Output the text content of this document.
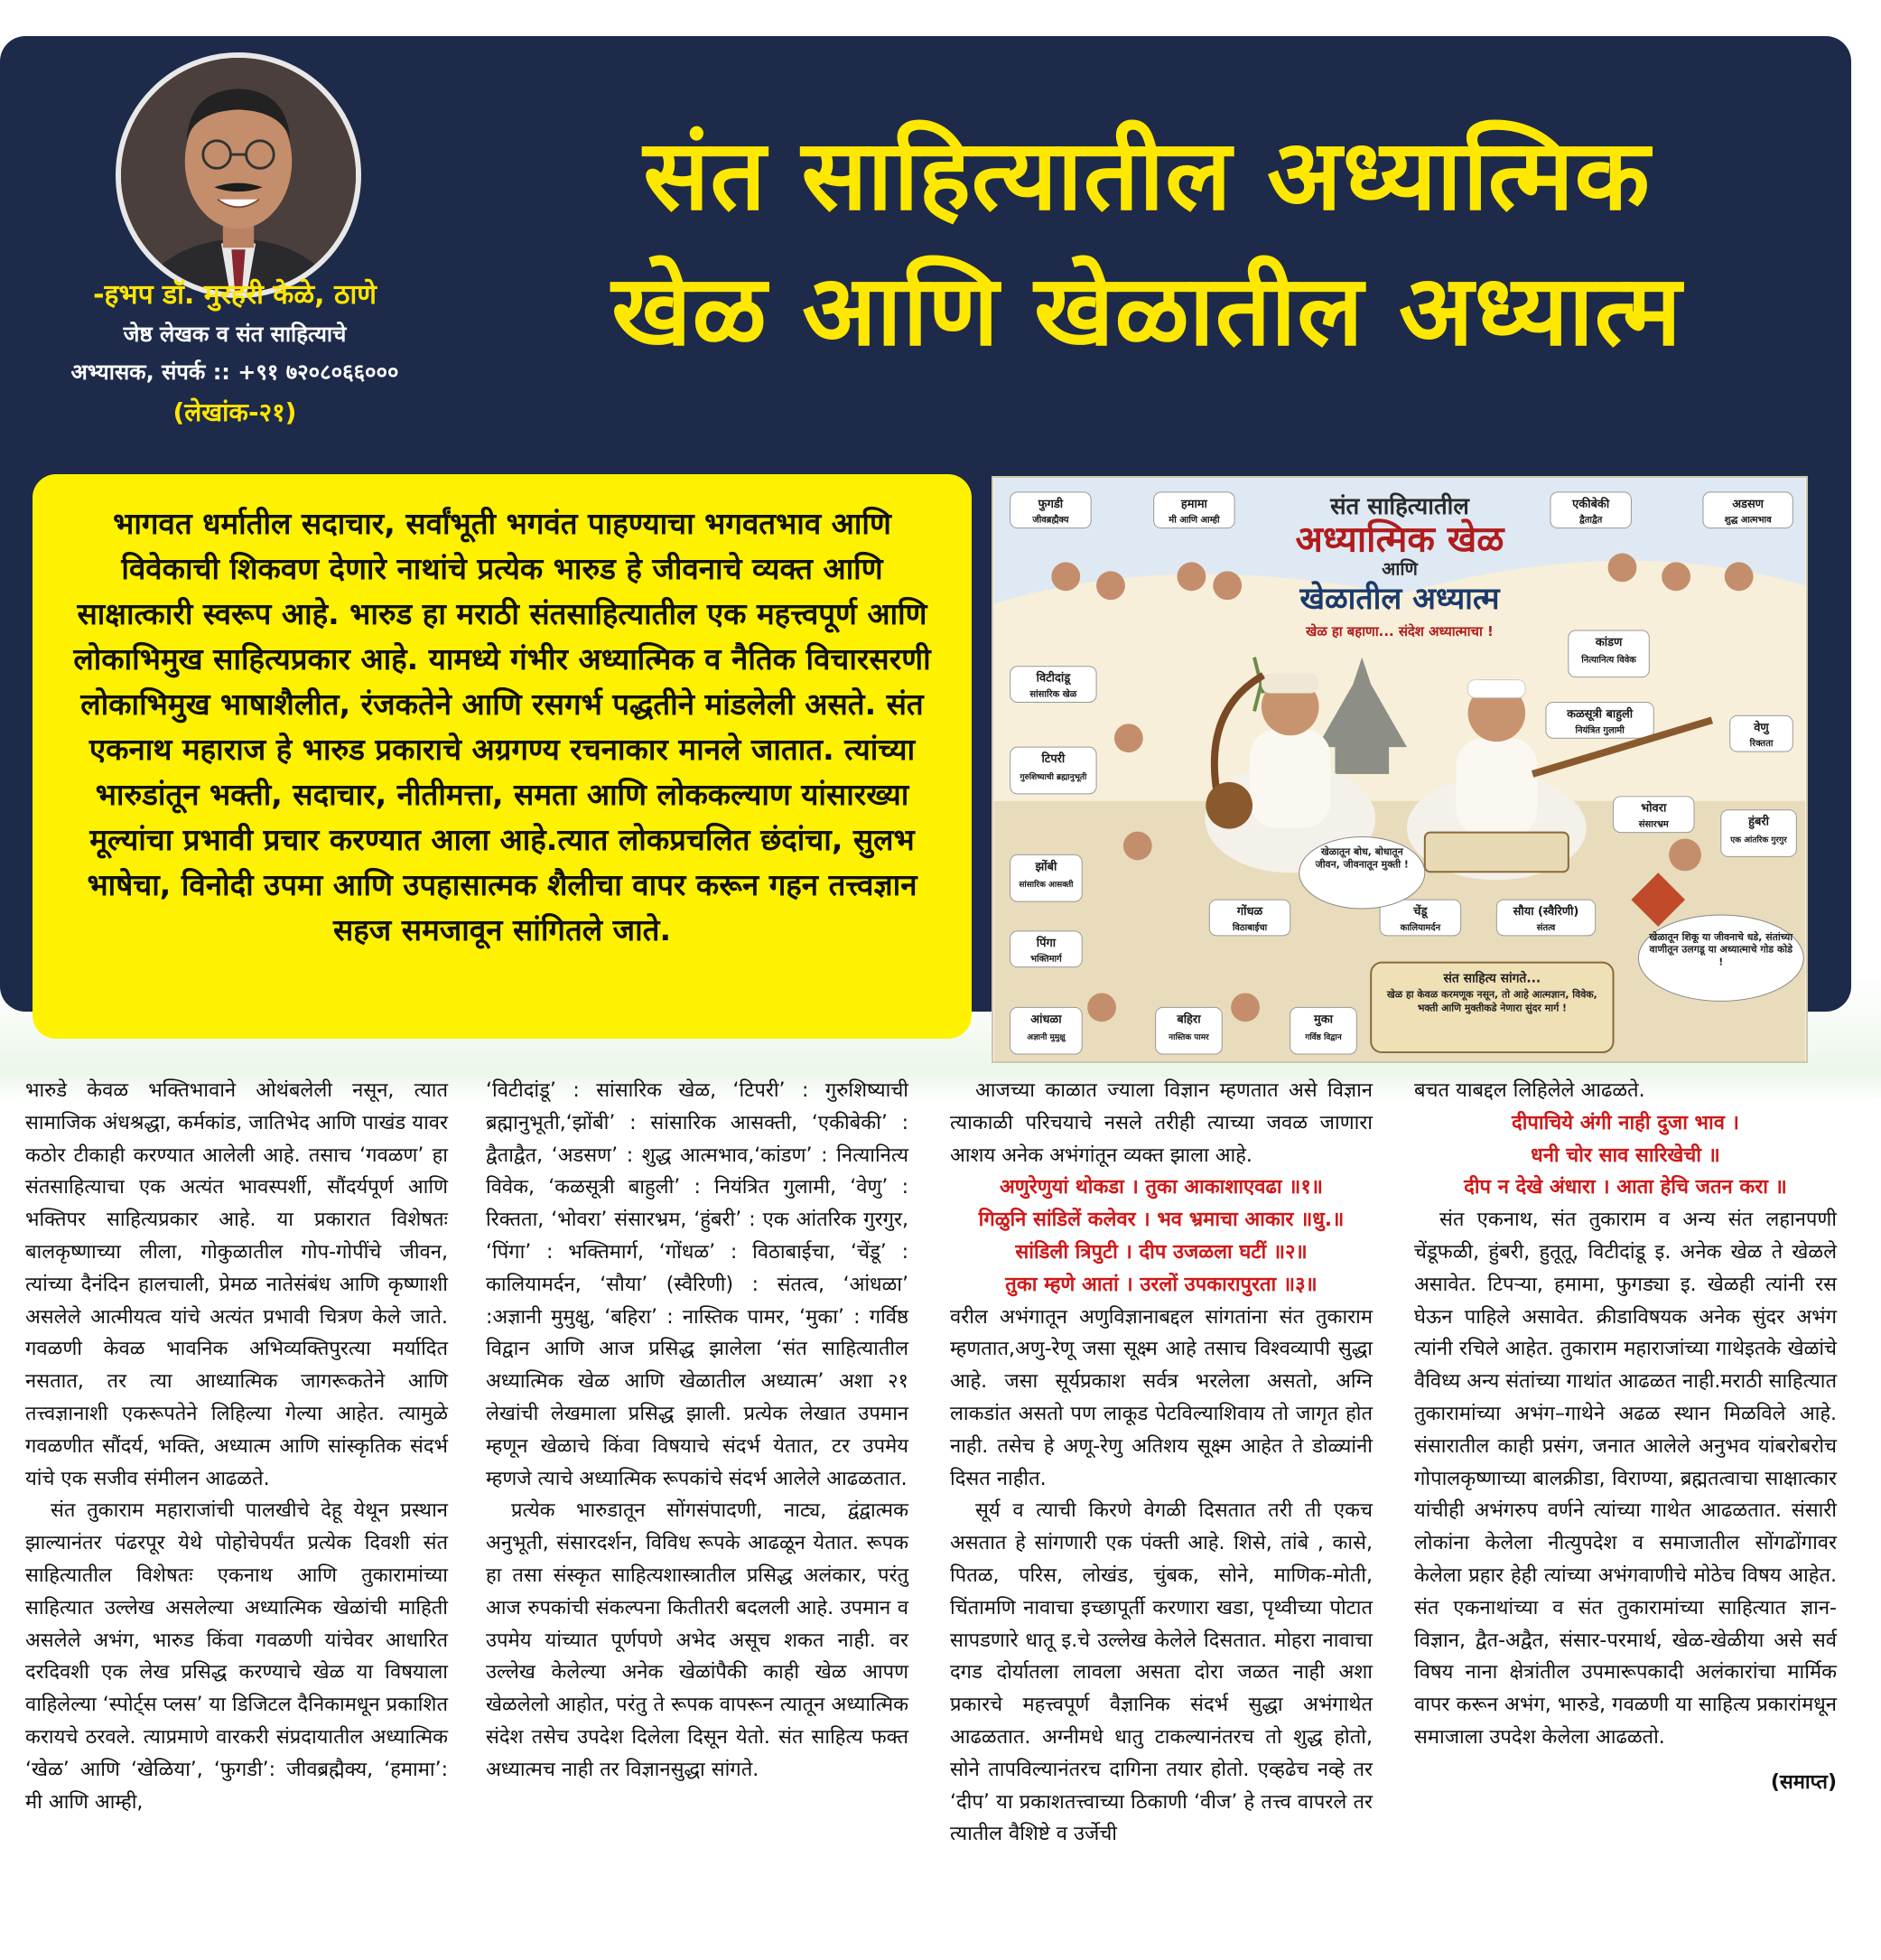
-हभप डॉ. मुरहरी केळे, ठाणे
जेष्ठ लेखक व संत साहित्याचे
अभ्यासक, संपर्क :: +९१ ७२०८०६६०००
(लेखांक-२१)
संत साहित्यातील अध्यात्मिक
खेळ आणि खेळातील अध्यात्म
भागवत धर्मातील सदाचार, सर्वांभूती भगवंत पाहण्याचा भगवतभाव आणि विवेकाची शिकवण देणारे नाथांचे प्रत्येक भारुड हे जीवनाचे व्यक्त आणि साक्षात्कारी स्वरूप आहे. भारुड हा मराठी संतसाहित्यातील एक महत्त्वपूर्ण आणि लोकाभिमुख साहित्यप्रकार आहे. यामध्ये गंभीर अध्यात्मिक व नैतिक विचारसरणी लोकाभिमुख भाषाशैलीत, रंजकतेने आणि रसगर्भ पद्धतीने मांडलेली असते. संत एकनाथ महाराज हे भारुड प्रकाराचे अग्रगण्य रचनाकार मानले जातात. त्यांच्या भारुडांतून भक्ती, सदाचार, नीतीमत्ता, समता आणि लोककल्याण यांसारख्या मूल्यांचा प्रभावी प्रचार करण्यात आला आहे.त्यात लोकप्रचलित छंदांचा, सुलभ भाषेचा, विनोदी उपमा आणि उपहासात्मक शैलीचा वापर करून गहन तत्त्वज्ञान सहज समजावून सांगितले जाते.
संत साहित्यातील
अध्यात्मिक खेळ
आणि
खेळातील अध्यात्म
खेळ हा बहाणा... संदेश अध्यात्माचा !
फुगडी
जीवब्रह्मैक्य
हमामा
मी आणि आम्ही
एकीबेकी
द्वैताद्वैत
अडसण
शुद्ध आत्मभाव
विटीदांडू
सांसारिक खेळ
कांडण
नित्यानित्य विवेक
टिपरी
गुरुशिष्याची ब्रह्मानुभूती
कळसूत्री बाहुली
नियंत्रित गुलामी	वेणु
रिक्तता
झोंबी
सांसारिक आसक्ती
भोवरा
संसारभ्रम	हुंबरी
एक आंतरिक गुरगुर
पिंगा
भक्तिमार्ग
गोंधळ
विठाबाईचा
चेंडू
कालियामर्दन
सौया (स्वैरिणी)
संतत्व
आंधळा
अज्ञानी मुमुक्षु
बहिरा
नास्तिक पामर
मुका
गर्विष्ठ विद्वान
खेळातून बोध, बोधातून जीवन, जीवनातून मुक्ती !
खेळातून शिकू या जीवनाचे धडे, संतांच्या वाणीतून उलगडू या अध्यात्माचे गोड कोडे !
संत साहित्य सांगते...
खेळ हा केवळ करमणूक नसून, तो आहे आत्मज्ञान, विवेक, भक्ती आणि मुक्तीकडे नेणारा सुंदर मार्ग !

भारुडे केवळ भक्तिभावाने ओथंबलेली नसून, त्यात सामाजिक अंधश्रद्धा, कर्मकांड, जातिभेद आणि पाखंड यावर कठोर टीकाही करण्यात आलेली आहे. तसाच ‘गवळण’ हा संतसाहित्याचा एक अत्यंत भावस्पर्शी, सौंदर्यपूर्ण आणि भक्तिपर साहित्यप्रकार आहे. या प्रकारात विशेषतः बालकृष्णाच्या लीला, गोकुळातील गोप-गोपींचे जीवन, त्यांच्या दैनंदिन हालचाली, प्रेमळ नातेसंबंध आणि कृष्णाशी असलेले आत्मीयत्व यांचे अत्यंत प्रभावी चित्रण केले जाते. गवळणी केवळ भावनिक अभिव्यक्तिपुरत्या मर्यादित नसतात, तर त्या आध्यात्मिक जागरूकतेने आणि तत्त्वज्ञानाशी एकरूपतेने लिहिल्या गेल्या आहेत. त्यामुळे गवळणीत सौंदर्य, भक्ति, अध्यात्म आणि सांस्कृतिक संदर्भ यांचे एक सजीव संमीलन आढळते.

संत तुकाराम महाराजांची पालखीचे देहू येथून प्रस्थान झाल्यानंतर पंढरपूर येथे पोहोचेपर्यंत प्रत्येक दिवशी संत साहित्यातील विशेषतः एकनाथ आणि तुकारामांच्या साहित्यात उल्लेख असलेल्या अध्यात्मिक खेळांची माहिती असलेले अभंग, भारुड किंवा गवळणी यांचेवर आधारित दरदिवशी एक लेख प्रसिद्ध करण्याचे खेळ या विषयाला वाहिलेल्या ‘स्पोर्ट्स प्लस’ या डिजिटल दैनिकामधून प्रकाशित करायचे ठरवले. त्याप्रमाणे वारकरी संप्रदायातील अध्यात्मिक ‘खेळ’ आणि ‘खेळिया’, ‘फुगडी’: जीवब्रह्मैक्य, ‘हमामा’: मी आणि आम्ही,

‘विटीदांडू’ : सांसारिक खेळ, ‘टिपरी’ : गुरुशिष्याची ब्रह्मानुभूती,‘झोंबी’ : सांसारिक आसक्ती, ‘एकीबेकी’ : द्वैताद्वैत, ‘अडसण’ : शुद्ध आत्मभाव,‘कांडण’ : नित्यानित्य विवेक, ‘कळसूत्री बाहुली’ : नियंत्रित गुलामी, ‘वेणु’ : रिक्तता, ‘भोवरा’ संसारभ्रम, ‘हुंबरी’ : एक आंतरिक गुरगुर, ‘पिंगा’ : भक्तिमार्ग, ‘गोंधळ’ : विठाबाईचा, ‘चेंडू’ : कालियामर्दन, ‘सौया’ (स्वैरिणी) : संतत्व, ‘आंधळा’ :अज्ञानी मुमुक्षु, ‘बहिरा’ : नास्तिक पामर, ‘मुका’ : गर्विष्ठ विद्वान आणि आज प्रसिद्ध झालेला ‘संत साहित्यातील अध्यात्मिक खेळ आणि खेळातील अध्यात्म’ अशा २१ लेखांची लेखमाला प्रसिद्ध झाली. प्रत्येक लेखात उपमान म्हणून खेळाचे किंवा विषयाचे संदर्भ येतात, टर उपमेय म्हणजे त्याचे अध्यात्मिक रूपकांचे संदर्भ आलेले आढळतात.

प्रत्येक भारुडातून सोंगसंपादणी, नाट्य, द्वंद्वात्मक अनुभूती, संसारदर्शन, विविध रूपके आढळून येतात. रूपक हा तसा संस्कृत साहित्यशास्त्रातील प्रसिद्ध अलंकार, परंतु आज रुपकांची संकल्पना कितीतरी बदलली आहे. उपमान व उपमेय यांच्यात पूर्णपणे अभेद असूच शकत नाही. वर उल्लेख केलेल्या अनेक खेळांपैकी काही खेळ आपण खेळलेलो आहोत, परंतु ते रूपक वापरून त्यातून अध्यात्मिक संदेश तसेच उपदेश दिलेला दिसून येतो. संत साहित्य फक्त अध्यात्मच नाही तर विज्ञानसुद्धा सांगते.

आजच्या काळात ज्याला विज्ञान म्हणतात असे विज्ञान त्याकाळी परिचयाचे नसले तरीही त्याच्या जवळ जाणारा आशय अनेक अभंगांतून व्यक्त झाला आहे.

अणुरेणुयां थोकडा । तुका आकाशाएवढा ॥१॥

गिळुनि सांडिलें कलेवर । भव भ्रमाचा आकार ॥धु.॥

सांडिली त्रिपुटी । दीप उजळला घटीं ॥२॥

तुका म्हणे आतां । उरलों उपकारापुरता ॥३॥

वरील अभंगातून अणुविज्ञानाबद्दल सांगतांना संत तुकाराम म्हणतात,अणु-रेणू जसा सूक्ष्म आहे तसाच विश्वव्यापी सुद्धा आहे. जसा सूर्यप्रकाश सर्वत्र भरलेला असतो, अग्नि लाकडांत असतो पण लाकूड पेटविल्याशिवाय तो जागृत होत नाही. तसेच हे अणू-रेणु अतिशय सूक्ष्म आहेत ते डोळ्यांनी दिसत नाहीत.

सूर्य व त्याची किरणे वेगळी दिसतात तरी ती एकच असतात हे सांगणारी एक पंक्ती आहे. शिसे, तांबे , कासे, पितळ, परिस, लोखंड, चुंबक, सोने, माणिक-मोती, चिंतामणि नावाचा इच्छापूर्ती करणारा खडा, पृथ्वीच्या पोटात सापडणारे धातू इ.चे उल्लेख केलेले दिसतात. मोहरा नावाचा दगड दोर्यातला लावला असता दोरा जळत नाही अशा प्रकारचे महत्त्वपूर्ण वैज्ञानिक संदर्भ सुद्धा अभंगाथेत आढळतात. अग्नीमधे धातु टाकल्यानंतरच तो शुद्ध होतो, सोने तापविल्यानंतरच दागिना तयार होतो. एव्हढेच नव्हे तर ‘दीप’ या प्रकाशतत्त्वाच्या ठिकाणी ‘वीज’ हे तत्त्व वापरले तर त्यातील वैशिष्टे व उर्जेची

बचत याबद्दल लिहिलेले आढळते.

दीपाचिये अंगी नाही दुजा भाव ।

धनी चोर साव सारिखेची ॥

दीप न देखे अंधारा । आता हेचि जतन करा ॥

संत एकनाथ, संत तुकाराम व अन्य संत लहानपणी चेंडूफळी, हुंबरी, हुतूतू, विटीदांडू इ. अनेक खेळ ते खेळले असावेत. टिपऱ्या, हमामा, फुगड्या इ. खेळही त्यांनी रस घेऊन पाहिले असावेत. क्रीडाविषयक अनेक सुंदर अभंग त्यांनी रचिले आहेत. तुकाराम महाराजांच्या गाथेइतके खेळांचे वैविध्य अन्य संतांच्या गाथांत आढळत नाही.मराठी साहित्यात तुकारामांच्या अभंग–गाथेने अढळ स्थान मिळविले आहे. संसारातील काही प्रसंग, जनात आलेले अनुभव यांबरोबरोच गोपालकृष्णाच्या बालक्रीडा, विराण्या, ब्रह्मतत्वाचा साक्षात्कार यांचीही अभंगरुप वर्णने त्यांच्या गाथेत आढळतात. संसारी लोकांना केलेला नीत्युपदेश व समाजातील सोंगढोंगावर केलेला प्रहार हेही त्यांच्या अभंगवाणीचे मोठेच विषय आहेत. संत एकनाथांच्या व संत तुकारामांच्या साहित्यात ज्ञान-विज्ञान, द्वैत-अद्वैत, संसार-परमार्थ, खेळ-खेळीया असे सर्व विषय नाना क्षेत्रांतील उपमारूपकादी अलंकारांचा मार्मिक वापर करून अभंग, भारुडे, गवळणी या साहित्य प्रकारांमधून समाजाला उपदेश केलेला आढळतो.

(समाप्त)
